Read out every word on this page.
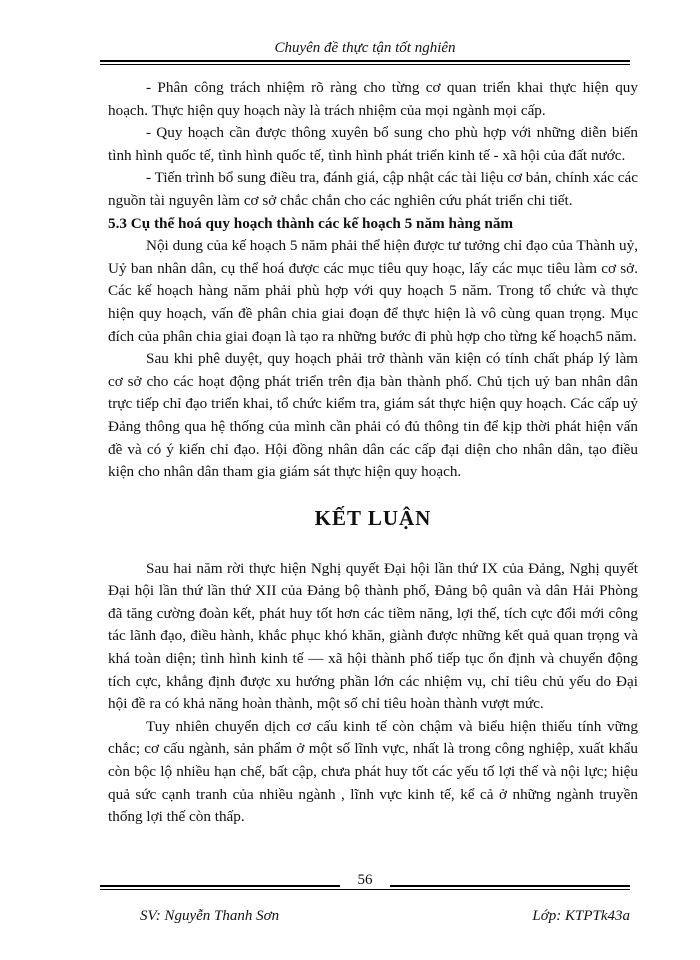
Chuyên đề thực tận tốt nghiên

- Phân công trách nhiệm rõ ràng cho từng cơ quan triển khai thực hiện quy hoạch. Thực hiện quy hoạch này là trách nhiệm của mọi ngành mọi cấp.

- Quy hoạch cần được thông xuyên bổ sung cho phù hợp với những diễn biến tình hình quốc tế, tình hình quốc tế, tình hình phát triển kinh tế - xã hội của đất nước.

- Tiến trình bổ sung điều tra, đánh giá, cập nhật các tài liệu cơ bản, chính xác các nguồn tài nguyên làm cơ sở chắc chắn cho các nghiên cứu phát triển chi tiết.

5.3 Cụ thể hoá quy hoạch thành các kế hoạch 5 năm hàng năm

Nội dung của kế hoạch 5 năm phải thể hiện được tư tưởng chỉ đạo của Thành uỷ, Uỷ ban nhân dân, cụ thể hoá được các mục tiêu quy hoạc, lấy các mục tiêu làm cơ sở. Các kế hoạch hàng năm phải phù hợp với quy hoạch 5 năm. Trong tổ chức và thực hiện quy hoạch, vấn đề phân chia giai đoạn để thực hiện là vô cùng quan trọng. Mục đích của phân chia giai đoạn là tạo ra những bước đi phù hợp cho từng kế hoạch5 năm.

Sau khi phê duyệt, quy hoạch phải trở thành văn kiện có tính chất pháp lý làm cơ sở cho các hoạt động phát triển trên địa bàn thành phố. Chủ tịch uỷ ban nhân dân trực tiếp chỉ đạo triển khai, tổ chức kiểm tra, giám sát thực hiện quy hoạch. Các cấp uỷ Đảng thông qua hệ thống của mình cần phải có đủ thông tin để kịp thời phát hiện vấn đề và có ý kiến chỉ đạo. Hội đồng nhân dân các cấp đại diện cho nhân dân, tạo điều kiện cho nhân dân tham gia giám sát thực hiện quy hoạch.

KẾT LUẬN

Sau hai năm rời thực hiện Nghị quyết Đại hội lần thứ IX của Đảng, Nghị quyết Đại hội lần thứ lần thứ XII của Đảng bộ thành phố, Đảng bộ quân và dân Hải Phòng đã tăng cường đoàn kết, phát huy tốt hơn các tiềm năng, lợi thế, tích cực đổi mới công tác lãnh đạo, điều hành, khắc phục khó khăn, giành được những kết quả quan trọng và khá toàn diện; tình hình kinh tế — xã hội thành phố tiếp tục ổn định và chuyển động tích cực, khẳng định được xu hướng phần lớn các nhiệm vụ, chỉ tiêu chủ yếu do Đại hội đề ra có khả năng hoàn thành, một số chỉ tiêu hoàn thành vượt mức.

Tuy nhiên chuyển dịch cơ cấu kinh tế còn chậm và biểu hiện thiếu tính vững chắc; cơ cấu ngành, sản phẩm ở một số lĩnh vực, nhất là trong công nghiệp, xuất khẩu còn bộc lộ nhiều hạn chế, bất cập, chưa phát huy tốt các yếu tố lợi thế và nội lực; hiệu quả sức cạnh tranh của nhiều ngành , lĩnh vực kinh tế, kể cả ở những ngành truyền thống lợi thế còn thấp.

56
SV: Nguyễn Thanh Sơn	Lớp: KTPTk43a
